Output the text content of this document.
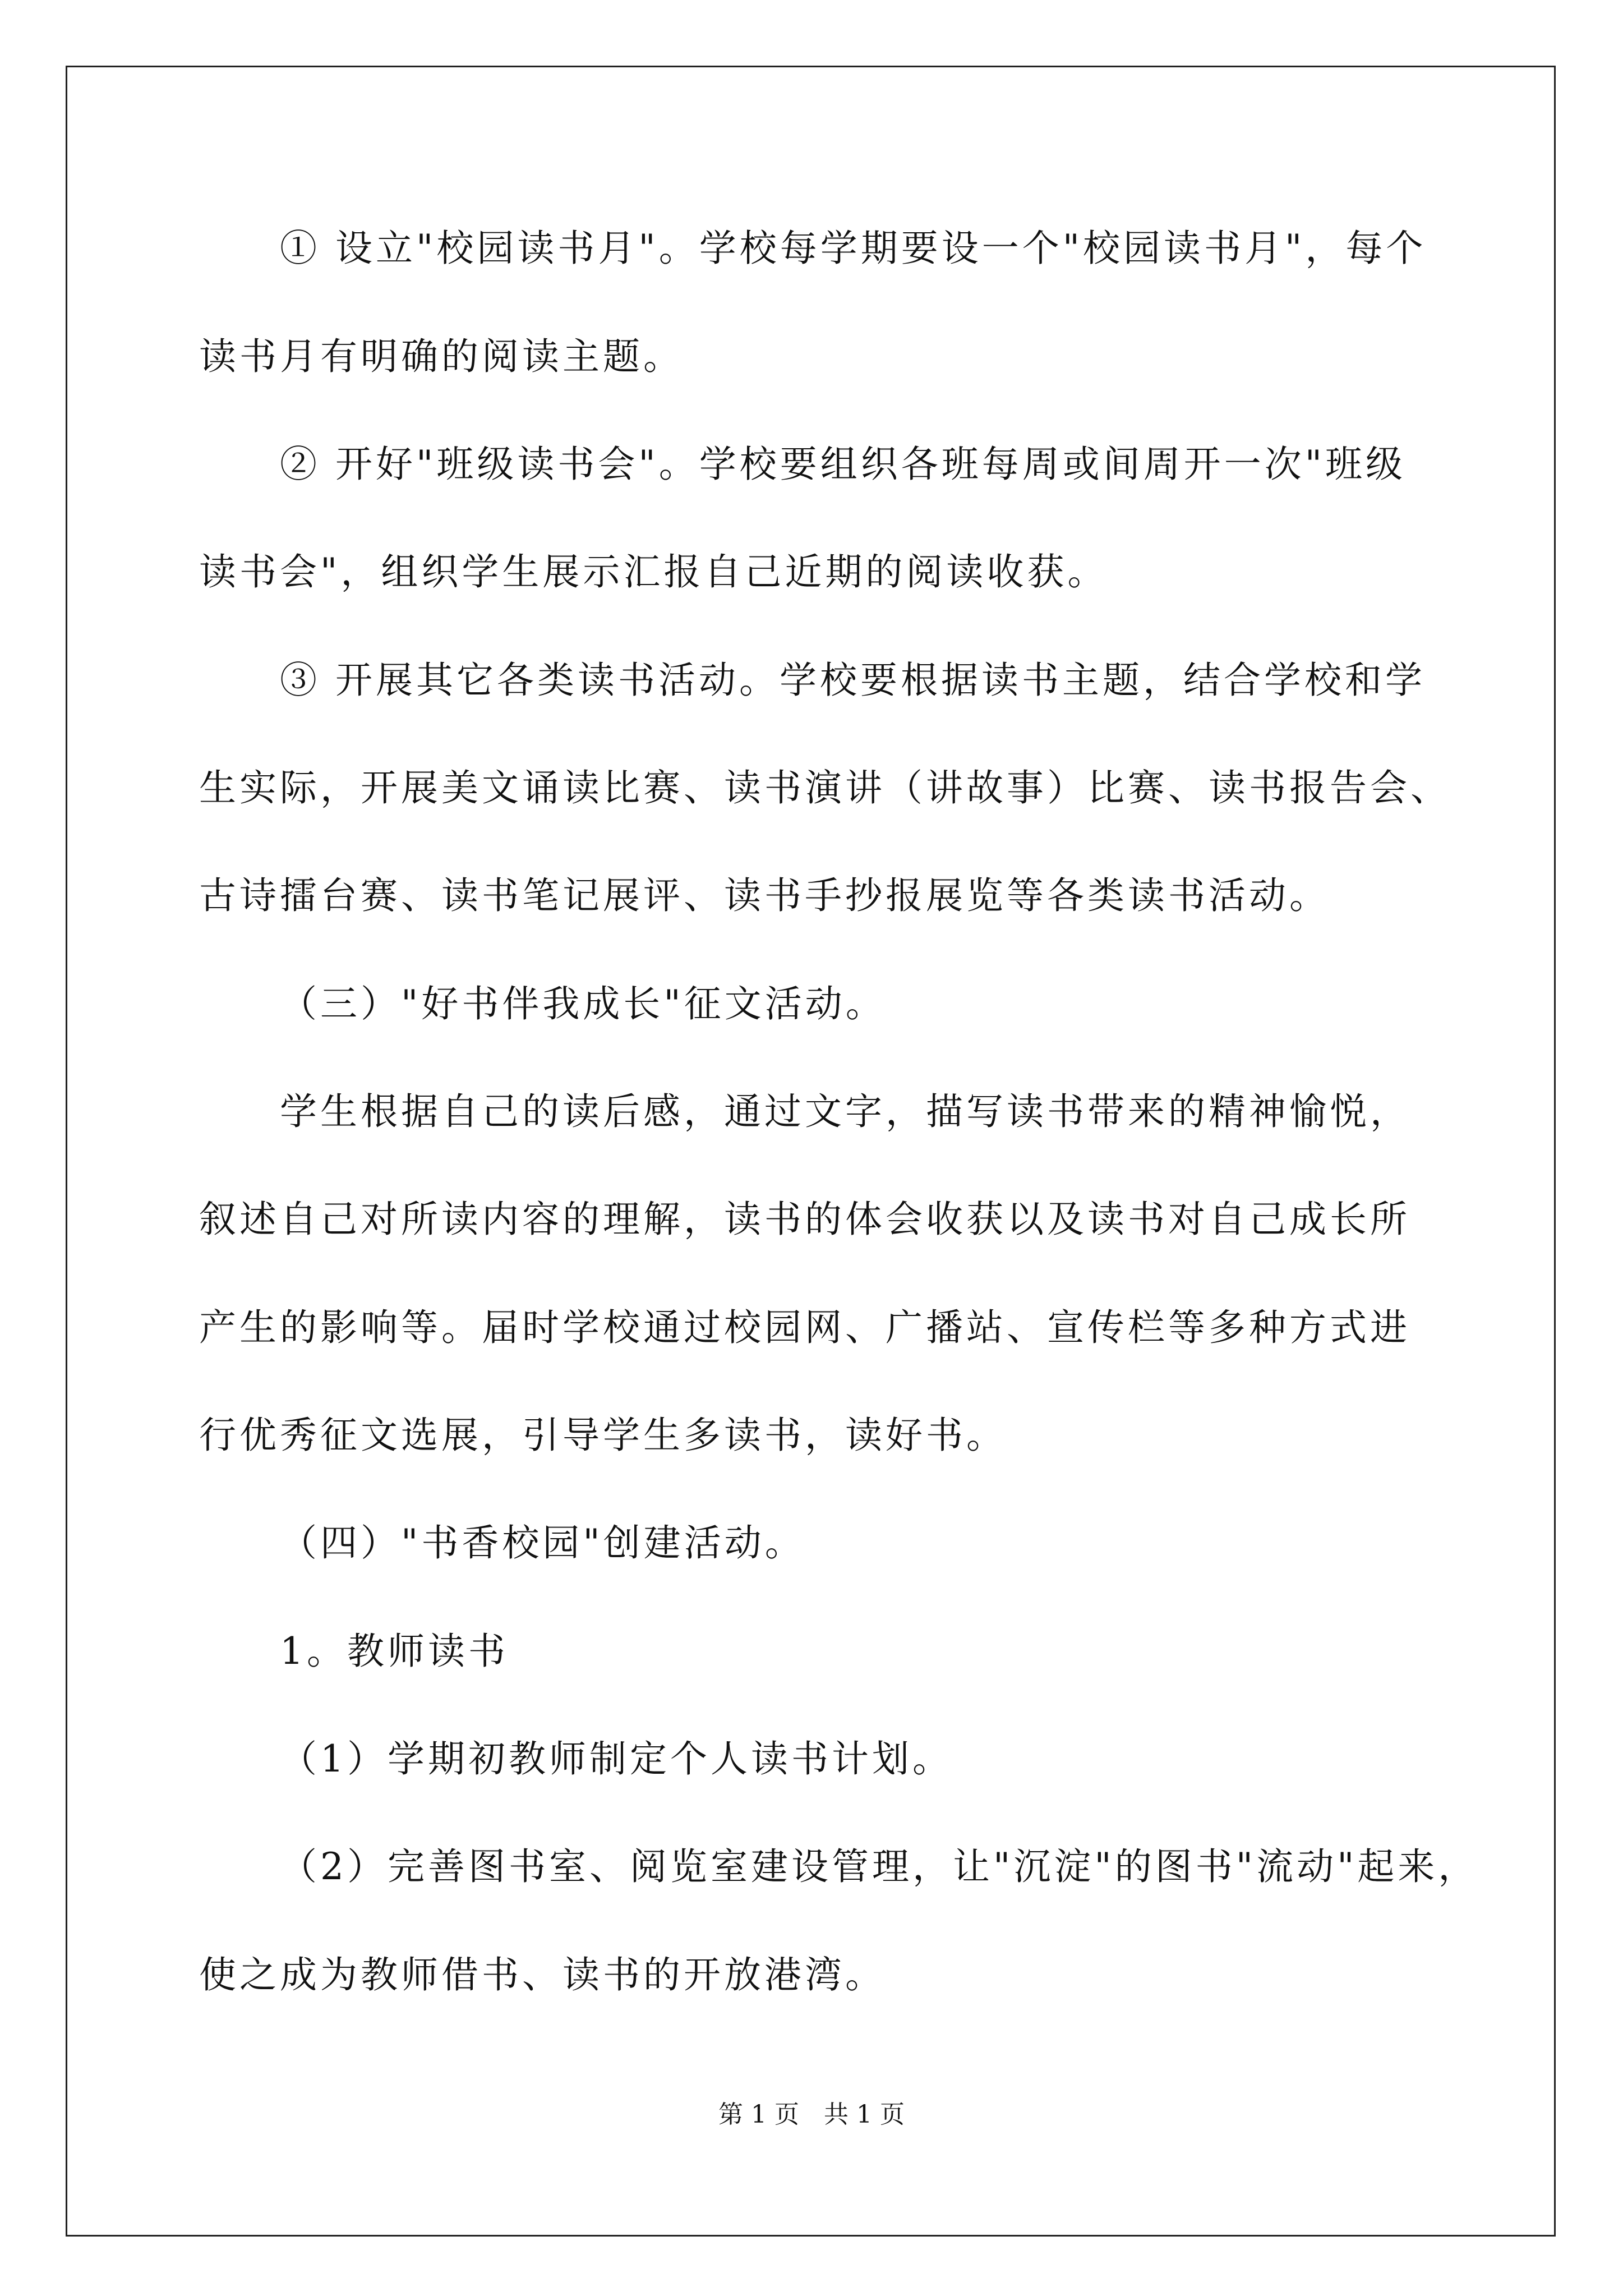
① 设立"校园读书月"。学校每学期要设一个"校园读书月"，每个
读书月有明确的阅读主题。
② 开好"班级读书会"。学校要组织各班每周或间周开一次"班级
读书会"，组织学生展示汇报自己近期的阅读收获。
③ 开展其它各类读书活动。学校要根据读书主题，结合学校和学
生实际，开展美文诵读比赛、读书演讲（讲故事）比赛、读书报告会、
古诗擂台赛、读书笔记展评、读书手抄报展览等各类读书活动。
（三）"好书伴我成长"征文活动。
学生根据自己的读后感，通过文字，描写读书带来的精神愉悦，
叙述自己对所读内容的理解，读书的体会收获以及读书对自己成长所
产生的影响等。届时学校通过校园网、广播站、宣传栏等多种方式进
行优秀征文选展，引导学生多读书，读好书。
（四）"书香校园"创建活动。
1。教师读书
（1）学期初教师制定个人读书计划。
（2）完善图书室、阅览室建设管理，让"沉淀"的图书"流动"起来，
使之成为教师借书、读书的开放港湾。
第 1 页　共 1 页
